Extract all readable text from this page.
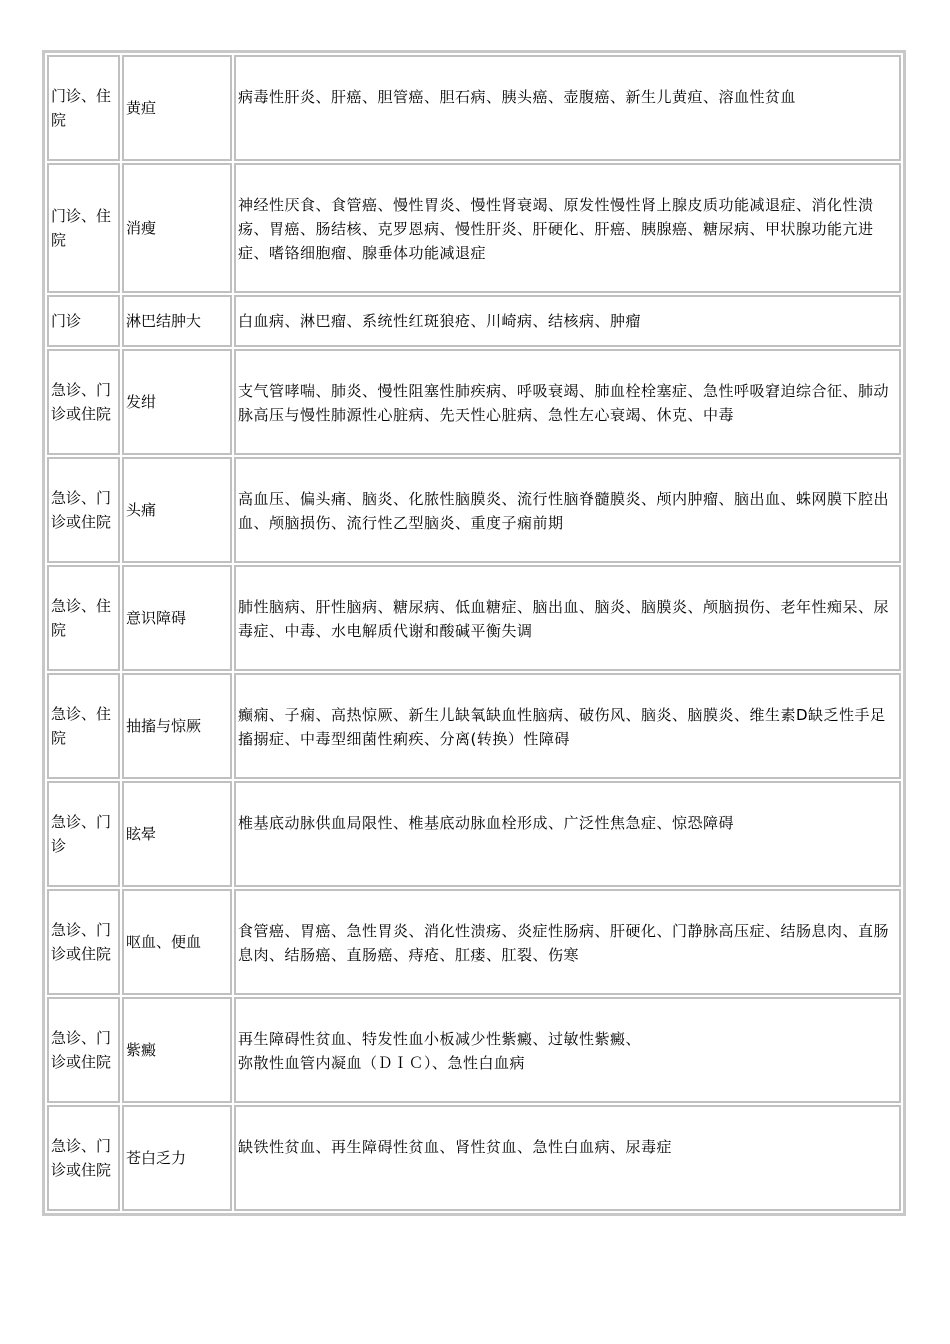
门诊、住院	黄疸	病毒性肝炎、肝癌、胆管癌、胆石病、胰头癌、壶腹癌、新生儿黄疸、溶血性贫血

门诊、住院	消瘦	神经性厌食、食管癌、慢性胃炎、慢性肾衰竭、原发性慢性肾上腺皮质功能减退症、消化性溃疡、胃癌、肠结核、克罗恩病、慢性肝炎、肝硬化、肝癌、胰腺癌、糖尿病、甲状腺功能亢进症、嗜铬细胞瘤、腺垂体功能减退症

门诊	淋巴结肿大	白血病、淋巴瘤、系统性红斑狼疮、川崎病、结核病、肿瘤

急诊、门诊或住院	发绀	支气管哮喘、肺炎、慢性阻塞性肺疾病、呼吸衰竭、肺血栓栓塞症、急性呼吸窘迫综合征、肺动脉高压与慢性肺源性心脏病、先天性心脏病、急性左心衰竭、休克、中毒

急诊、门诊或住院	头痛	高血压、偏头痛、脑炎、化脓性脑膜炎、流行性脑脊髓膜炎、颅内肿瘤、脑出血、蛛网膜下腔出血、颅脑损伤、流行性乙型脑炎、重度子痫前期

急诊、住院	意识障碍	肺性脑病、肝性脑病、糖尿病、低血糖症、脑出血、脑炎、脑膜炎、颅脑损伤、老年性痴呆、尿毒症、中毒、水电解质代谢和酸碱平衡失调

急诊、住院	抽搐与惊厥	癫痫、子痫、高热惊厥、新生儿缺氧缺血性脑病、破伤风、脑炎、脑膜炎、维生素D缺乏性手足搐搦症、中毒型细菌性痢疾、分离(转换）性障碍

急诊、门诊	眩晕	椎基底动脉供血局限性、椎基底动脉血栓形成、广泛性焦急症、惊恐障碍

急诊、门诊或住院	呕血、便血	食管癌、胃癌、急性胃炎、消化性溃疡、炎症性肠病、肝硬化、门静脉高压症、结肠息肉、直肠息肉、结肠癌、直肠癌、痔疮、肛瘘、肛裂、伤寒

急诊、门诊或住院	紫癜	再生障碍性贫血、特发性血小板减少性紫癜、过敏性紫癜、
弥散性血管内凝血（ＤＩＣ）、急性白血病

急诊、门诊或住院	苍白乏力	缺铁性贫血、再生障碍性贫血、肾性贫血、急性白血病、尿毒症
